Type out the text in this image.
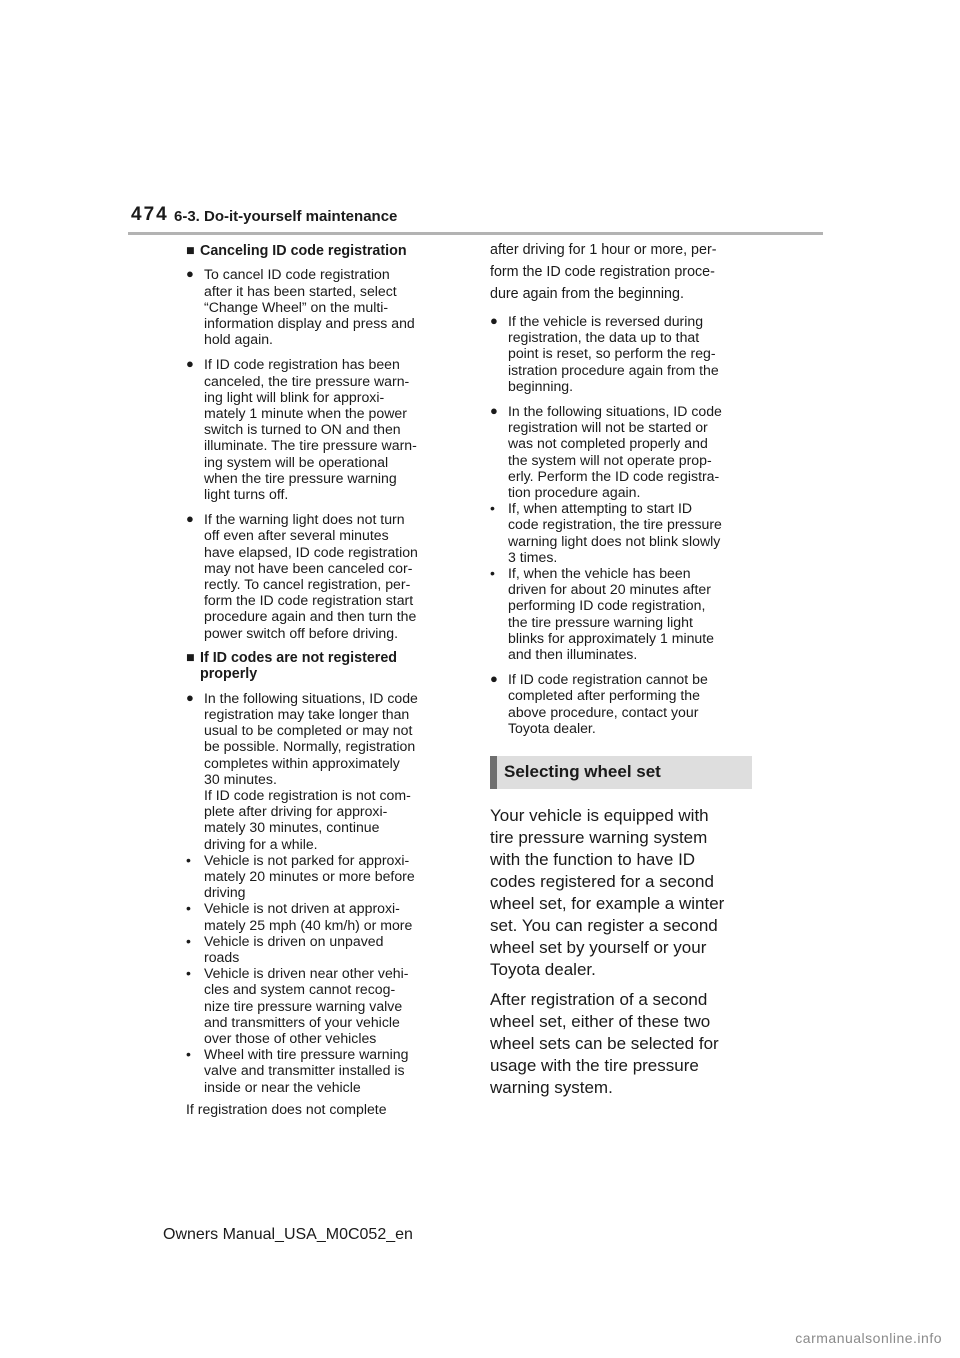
474 6-3. Do-it-yourself maintenance
■ Canceling ID code registration
● To cancel ID code registration
after it has been started, select
“Change Wheel” on the multi-
information display and press and
hold again.
● If ID code registration has been
canceled, the tire pressure warn-
ing light will blink for approxi-
mately 1 minute when the power
switch is turned to ON and then
illuminate. The tire pressure warn-
ing system will be operational
when the tire pressure warning
light turns off.
● If the warning light does not turn
off even after several minutes
have elapsed, ID code registration
may not have been canceled cor-
rectly. To cancel registration, per-
form the ID code registration start
procedure again and then turn the
power switch off before driving.
■ If ID codes are not registered
properly
● In the following situations, ID code
registration may take longer than
usual to be completed or may not
be possible. Normally, registration
completes within approximately
30 minutes.
If ID code registration is not com-
plete after driving for approxi-
mately 30 minutes, continue
driving for a while.
• Vehicle is not parked for approxi-
mately 20 minutes or more before
driving
• Vehicle is not driven at approxi-
mately 25 mph (40 km/h) or more
• Vehicle is driven on unpaved
roads
• Vehicle is driven near other vehi-
cles and system cannot recog-
nize tire pressure warning valve
and transmitters of your vehicle
over those of other vehicles
• Wheel with tire pressure warning
valve and transmitter installed is
inside or near the vehicle

If registration does not complete

after driving for 1 hour or more, per-
form the ID code registration proce-
dure again from the beginning.

● If the vehicle is reversed during
registration, the data up to that
point is reset, so perform the reg-
istration procedure again from the
beginning.
● In the following situations, ID code
registration will not be started or
was not completed properly and
the system will not operate prop-
erly. Perform the ID code registra-
tion procedure again.
• If, when attempting to start ID
code registration, the tire pressure
warning light does not blink slowly
3 times.
• If, when the vehicle has been
driven for about 20 minutes after
performing ID code registration,
the tire pressure warning light
blinks for approximately 1 minute
and then illuminates.
● If ID code registration cannot be
completed after performing the
above procedure, contact your
Toyota dealer.
Selecting wheel set

Your vehicle is equipped with
tire pressure warning system
with the function to have ID
codes registered for a second
wheel set, for example a winter
set. You can register a second
wheel set by yourself or your
Toyota dealer.

After registration of a second
wheel set, either of these two
wheel sets can be selected for
usage with the tire pressure
warning system.

Owners Manual_USA_M0C052_en
carmanualsonline.info
